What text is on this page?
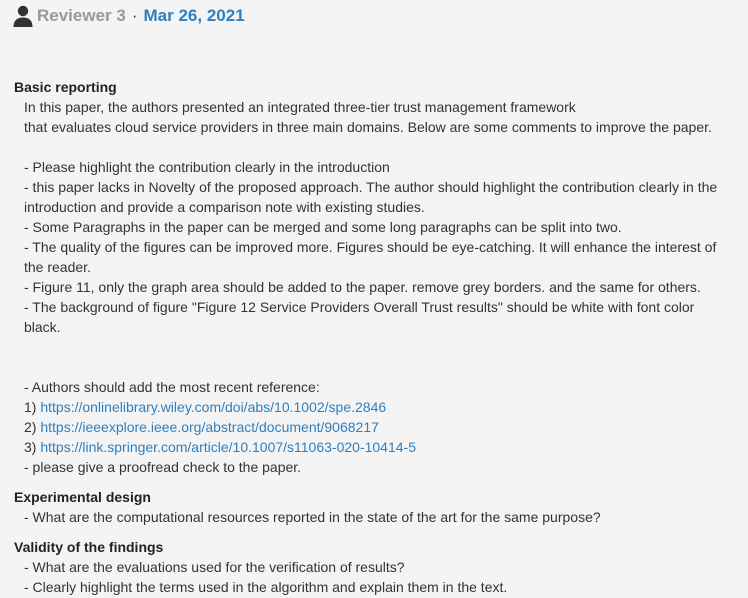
Reviewer 3 · Mar 26, 2021
Basic reporting
In this paper, the authors presented an integrated three-tier trust management framework
that evaluates cloud service providers in three main domains. Below are some comments to improve the paper.
- Please highlight the contribution clearly in the introduction
- this paper lacks in Novelty of the proposed approach. The author should highlight the contribution clearly in the
introduction and provide a comparison note with existing studies.
- Some Paragraphs in the paper can be merged and some long paragraphs can be split into two.
- The quality of the figures can be improved more. Figures should be eye-catching. It will enhance the interest of
the reader.
- Figure 11, only the graph area should be added to the paper. remove grey borders. and the same for others.
- The background of figure "Figure 12 Service Providers Overall Trust results" should be white with font color
black.
- Authors should add the most recent reference:
1) https://onlinelibrary.wiley.com/doi/abs/10.1002/spe.2846
2) https://ieeexplore.ieee.org/abstract/document/9068217
3) https://link.springer.com/article/10.1007/s11063-020-10414-5
- please give a proofread check to the paper.
Experimental design
- What are the computational resources reported in the state of the art for the same purpose?
Validity of the findings
- What are the evaluations used for the verification of results?
- Clearly highlight the terms used in the algorithm and explain them in the text.
